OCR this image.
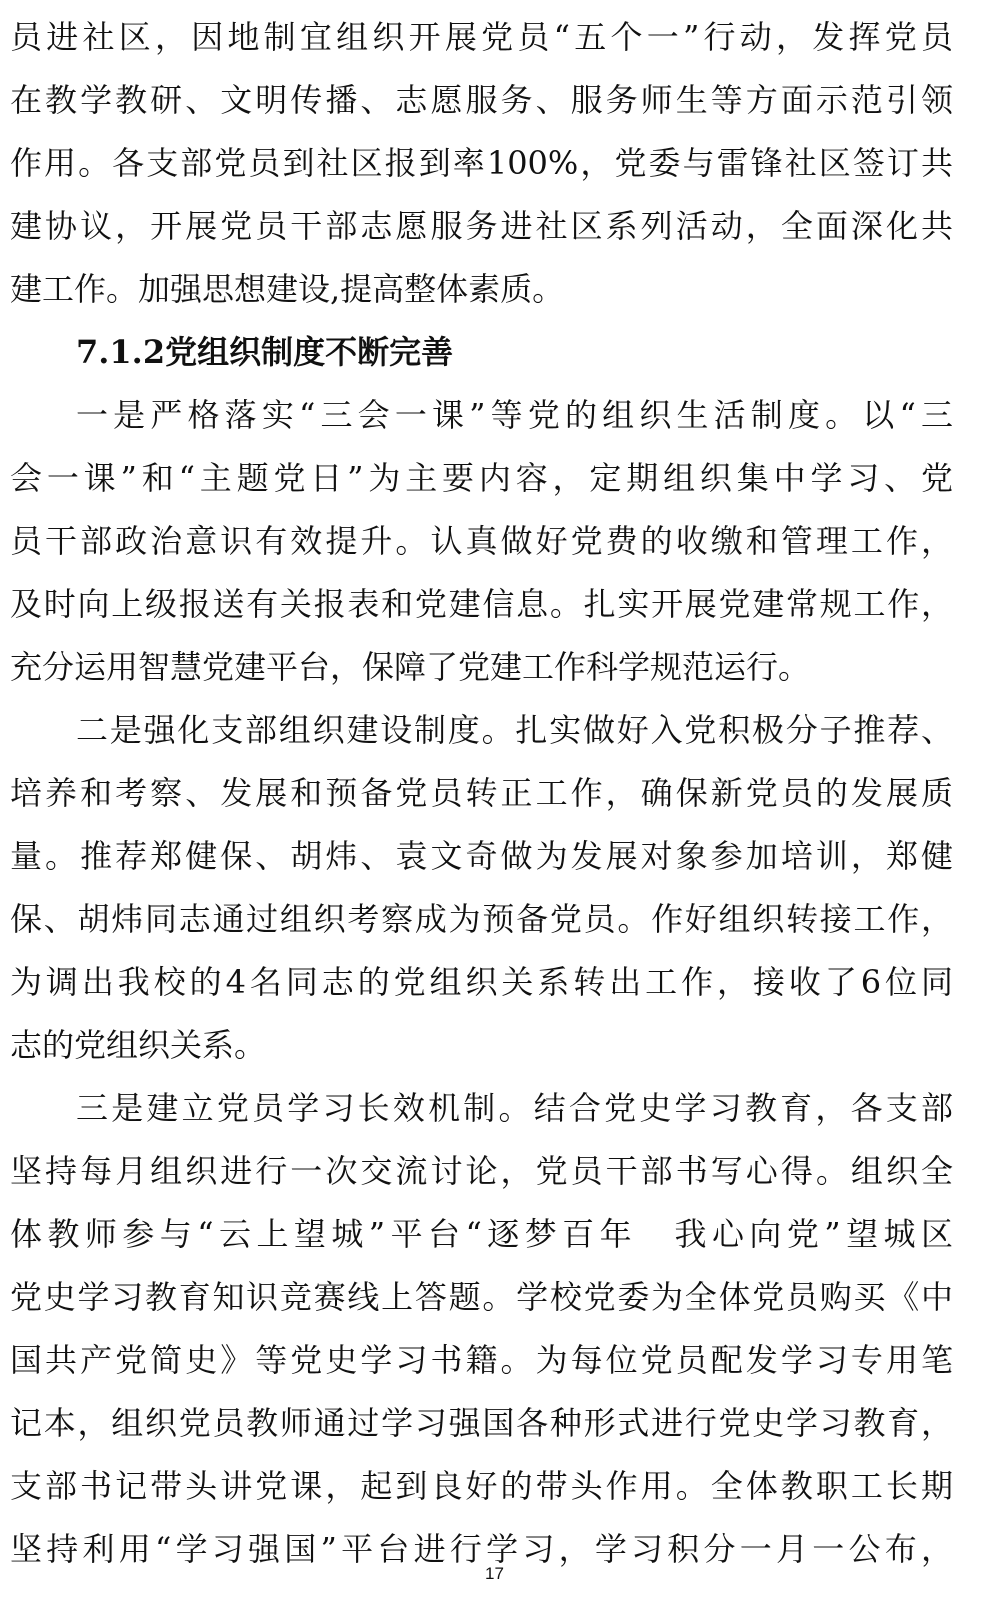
员进社区，因地制宜组织开展党员“五个一”行动，发挥党员
在教学教研、文明传播、志愿服务、服务师生等方面示范引领
作用。各支部党员到社区报到率100%，党委与雷锋社区签订共
建协议，开展党员干部志愿服务进社区系列活动，全面深化共
建工作。加强思想建设,提高整体素质。
7.1.2党组织制度不断完善
一是严格落实“三会一课”等党的组织生活制度。以“三
会一课”和“主题党日”为主要内容，定期组织集中学习、党
员干部政治意识有效提升。认真做好党费的收缴和管理工作，
及时向上级报送有关报表和党建信息。扎实开展党建常规工作，
充分运用智慧党建平台，保障了党建工作科学规范运行。
二是强化支部组织建设制度。扎实做好入党积极分子推荐、
培养和考察、发展和预备党员转正工作，确保新党员的发展质
量。推荐郑健保、胡炜、袁文奇做为发展对象参加培训，郑健
保、胡炜同志通过组织考察成为预备党员。作好组织转接工作，
为调出我校的4名同志的党组织关系转出工作，接收了6位同
志的党组织关系。
三是建立党员学习长效机制。结合党史学习教育，各支部
坚持每月组织进行一次交流讨论，党员干部书写心得。组织全
体教师参与“云上望城”平台“逐梦百年　我心向党”望城区
党史学习教育知识竞赛线上答题。学校党委为全体党员购买《中
国共产党简史》等党史学习书籍。为每位党员配发学习专用笔
记本，组织党员教师通过学习强国各种形式进行党史学习教育，
支部书记带头讲党课，起到良好的带头作用。全体教职工长期
坚持利用“学习强国”平台进行学习，学习积分一月一公布，
17
